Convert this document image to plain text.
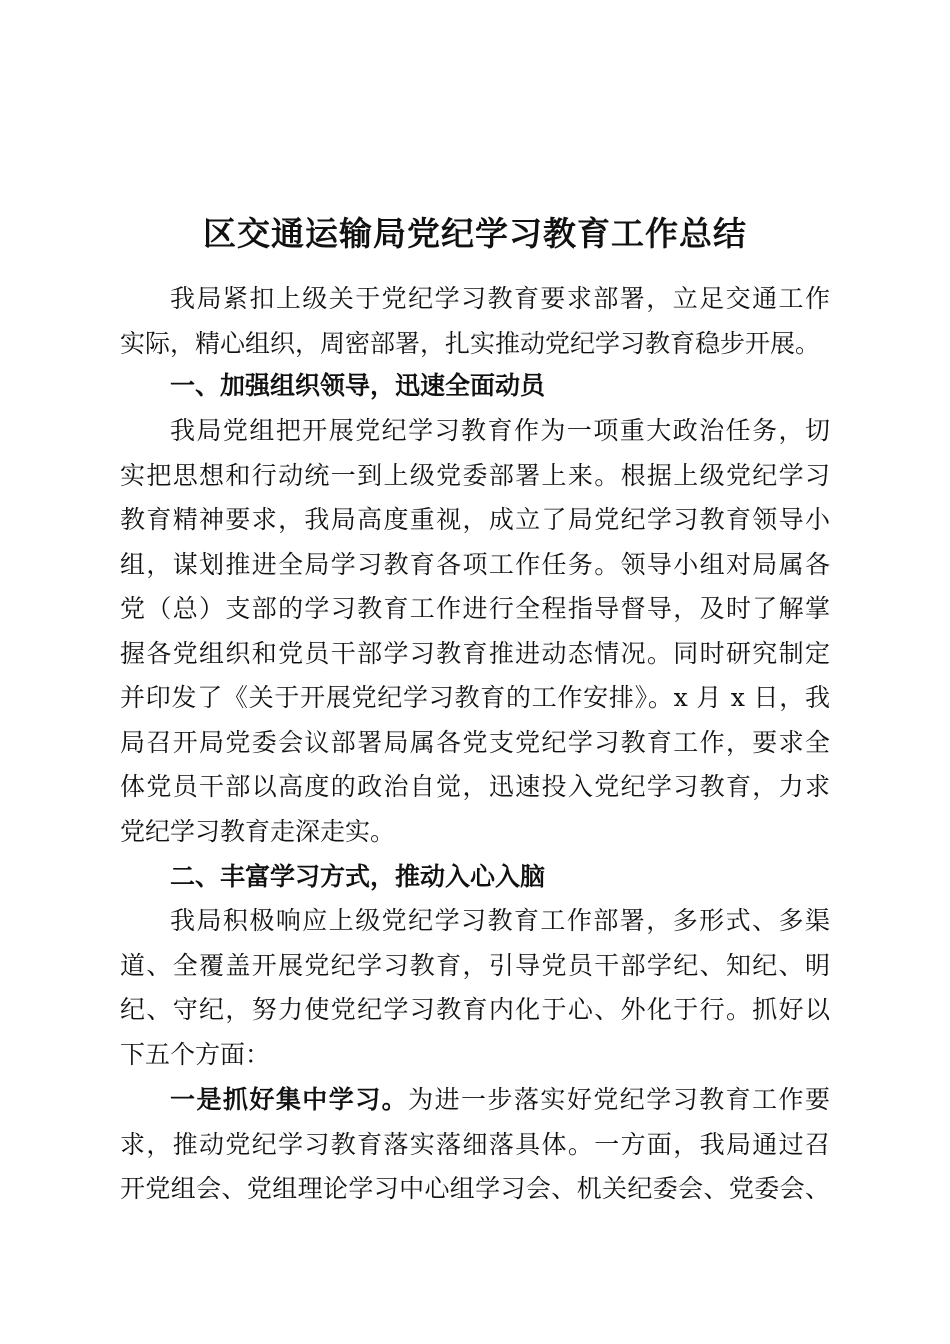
区交通运输局党纪学习教育工作总结
我局紧扣上级关于党纪学习教育要求部署，立足交通工作
实际，精心组织，周密部署，扎实推动党纪学习教育稳步开展。
一、加强组织领导，迅速全面动员
我局党组把开展党纪学习教育作为一项重大政治任务，切
实把思想和行动统一到上级党委部署上来。根据上级党纪学习
教育精神要求，我局高度重视，成立了局党纪学习教育领导小
组，谋划推进全局学习教育各项工作任务。领导小组对局属各
党（总）支部的学习教育工作进行全程指导督导，及时了解掌
握各党组织和党员干部学习教育推进动态情况。同时研究制定
并印发了《关于开展党纪学习教育的工作安排》。x 月 x 日，我
局召开局党委会议部署局属各党支党纪学习教育工作，要求全
体党员干部以高度的政治自觉，迅速投入党纪学习教育，力求
党纪学习教育走深走实。
二、丰富学习方式，推动入心入脑
我局积极响应上级党纪学习教育工作部署，多形式、多渠
道、全覆盖开展党纪学习教育，引导党员干部学纪、知纪、明
纪、守纪，努力使党纪学习教育内化于心、外化于行。抓好以
下五个方面：
一是抓好集中学习。为进一步落实好党纪学习教育工作要
求，推动党纪学习教育落实落细落具体。一方面，我局通过召
开党组会、党组理论学习中心组学习会、机关纪委会、党委会、
